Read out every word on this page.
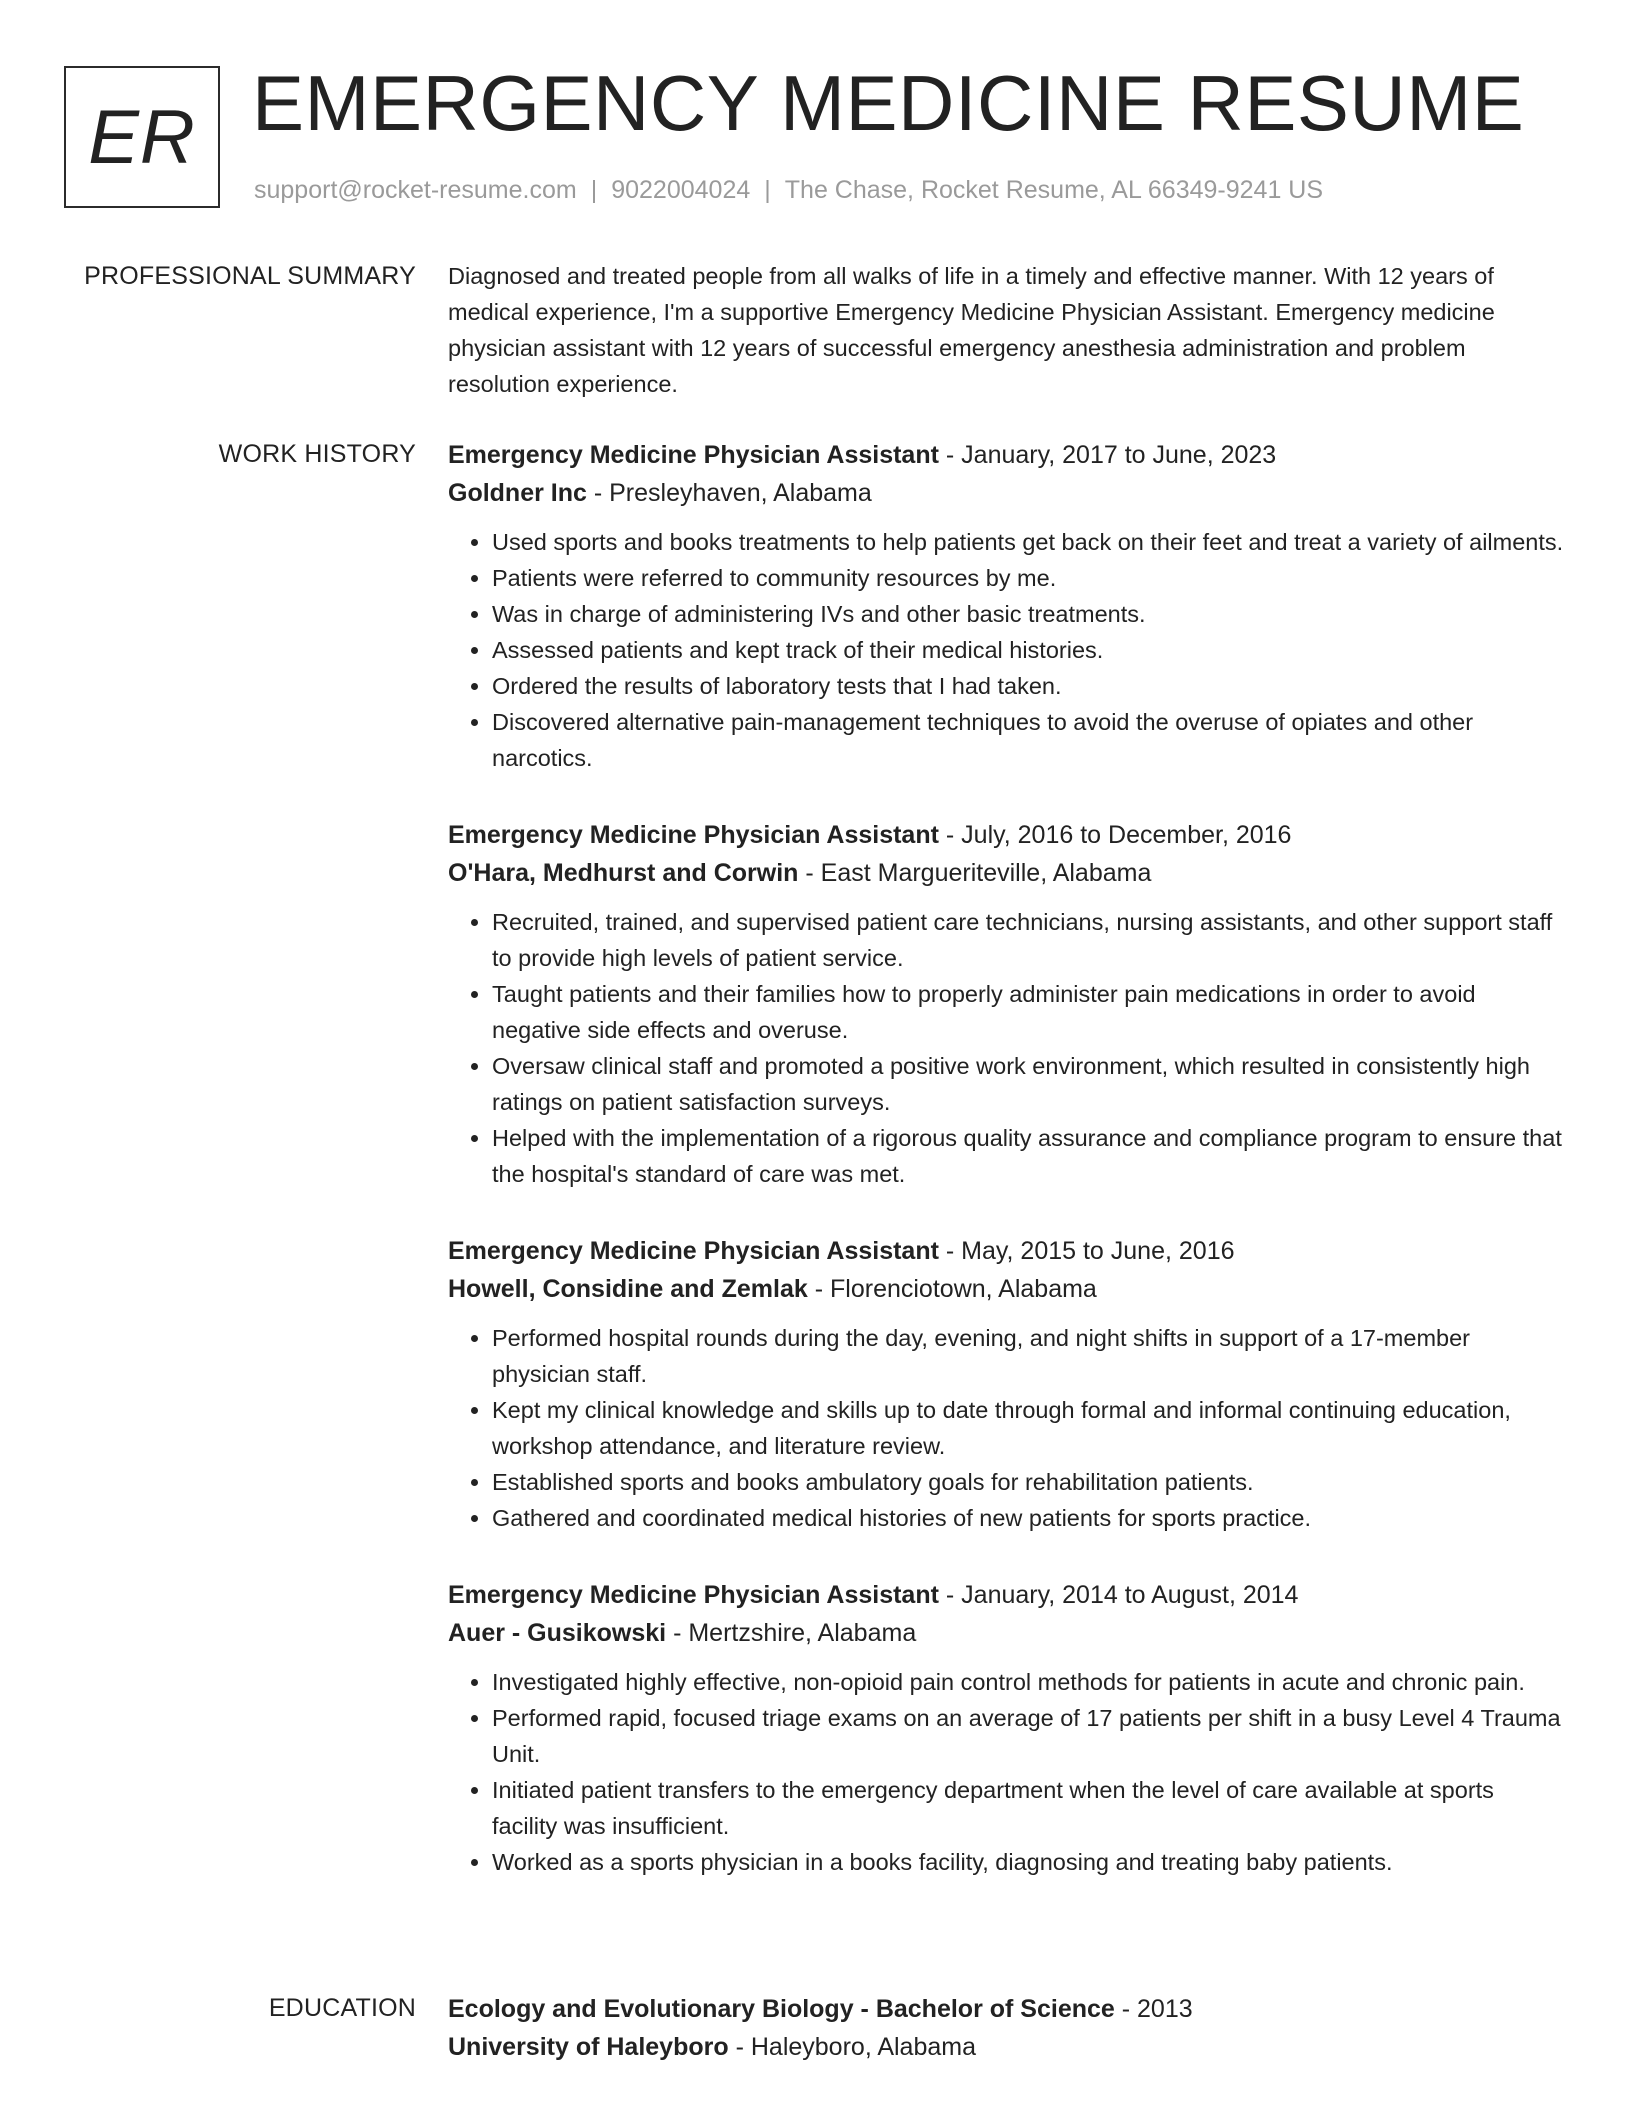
ER EMERGENCY MEDICINE RESUME
support@rocket-resume.com | 9022004024 | The Chase, Rocket Resume, AL 66349-9241 US
PROFESSIONAL SUMMARY Diagnosed and treated people from all walks of life in a timely and effective manner. With 12 years of medical experience, I'm a supportive Emergency Medicine Physician Assistant. Emergency medicine physician assistant with 12 years of successful emergency anesthesia administration and problem resolution experience.

WORK HISTORY Emergency Medicine Physician Assistant - January, 2017 to June, 2023
Goldner Inc - Presleyhaven, Alabama
• Used sports and books treatments to help patients get back on their feet and treat a variety of ailments.
• Patients were referred to community resources by me.
• Was in charge of administering IVs and other basic treatments.
• Assessed patients and kept track of their medical histories.
• Ordered the results of laboratory tests that I had taken.
• Discovered alternative pain-management techniques to avoid the overuse of opiates and other narcotics.
Emergency Medicine Physician Assistant - July, 2016 to December, 2016
O'Hara, Medhurst and Corwin - East Margueriteville, Alabama
• Recruited, trained, and supervised patient care technicians, nursing assistants, and other support staff to provide high levels of patient service.
• Taught patients and their families how to properly administer pain medications in order to avoid negative side effects and overuse.
• Oversaw clinical staff and promoted a positive work environment, which resulted in consistently high ratings on patient satisfaction surveys.
• Helped with the implementation of a rigorous quality assurance and compliance program to ensure that the hospital's standard of care was met.
Emergency Medicine Physician Assistant - May, 2015 to June, 2016
Howell, Considine and Zemlak - Florenciotown, Alabama
• Performed hospital rounds during the day, evening, and night shifts in support of a 17-member physician staff.
• Kept my clinical knowledge and skills up to date through formal and informal continuing education, workshop attendance, and literature review.
• Established sports and books ambulatory goals for rehabilitation patients.
• Gathered and coordinated medical histories of new patients for sports practice.
Emergency Medicine Physician Assistant - January, 2014 to August, 2014
Auer - Gusikowski - Mertzshire, Alabama
• Investigated highly effective, non-opioid pain control methods for patients in acute and chronic pain.
• Performed rapid, focused triage exams on an average of 17 patients per shift in a busy Level 4 Trauma Unit.
• Initiated patient transfers to the emergency department when the level of care available at sports facility was insufficient.
• Worked as a sports physician in a books facility, diagnosing and treating baby patients.
EDUCATION Ecology and Evolutionary Biology - Bachelor of Science - 2013
University of Haleyboro - Haleyboro, Alabama
